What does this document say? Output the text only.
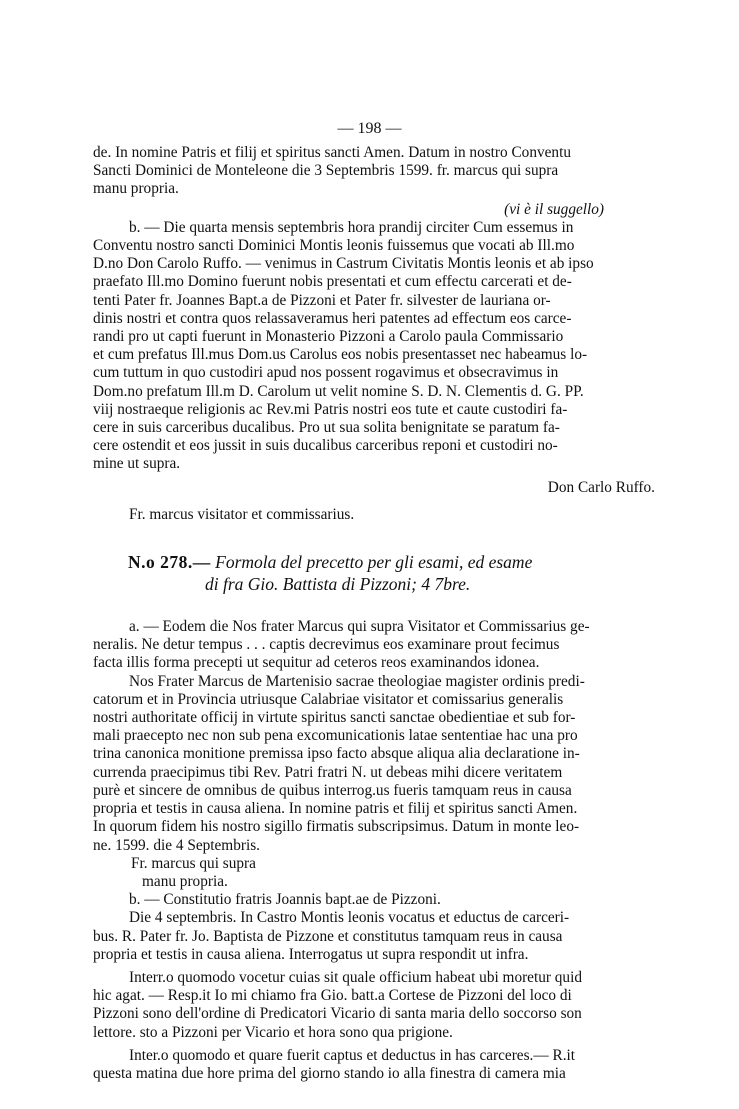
— 198 —

de. In nomine Patris et filij et spiritus sancti Amen. Datum in nostro Conventu
Sancti Dominici de Monteleone die 3 Septembris 1599. fr. marcus qui supra
manu propria.

(vi è il suggello)

b. — Die quarta mensis septembris hora prandij circiter Cum essemus in
Conventu nostro sancti Dominici Montis leonis fuissemus que vocati ab Ill.mo
D.no Don Carolo Ruffo. — venimus in Castrum Civitatis Montis leonis et ab ipso
praefato Ill.mo Domino fuerunt nobis presentati et cum effectu carcerati et de-
tenti Pater fr. Joannes Bapt.a de Pizzoni et Pater fr. silvester de lauriana or-
dinis nostri et contra quos relassaveramus heri patentes ad effectum eos carce-
randi pro ut capti fuerunt in Monasterio Pizzoni a Carolo paula Commissario
et cum prefatus Ill.mus Dom.us Carolus eos nobis presentasset nec habeamus lo-
cum tuttum in quo custodiri apud nos possent rogavimus et obsecravimus in
Dom.no prefatum Ill.m D. Carolum ut velit nomine S. D. N. Clementis d. G. PP.
viij nostraeque religionis ac Rev.mi Patris nostri eos tute et caute custodiri fa-
cere in suis carceribus ducalibus. Pro ut sua solita benignitate se paratum fa-
cere ostendit et eos jussit in suis ducalibus carceribus reponi et custodiri no-
mine ut supra.

Don Carlo Ruffo.

Fr. marcus visitator et commissarius.

N.o 278.— Formola del precetto per gli esami, ed esame
di fra Gio. Battista di Pizzoni; 4 7bre.

a. — Eodem die Nos frater Marcus qui supra Visitator et Commissarius ge-
neralis. Ne detur tempus . . . captis decrevimus eos examinare prout fecimus
facta illis forma precepti ut sequitur ad ceteros reos examinandos idonea.

Nos Frater Marcus de Martenisio sacrae theologiae magister ordinis predi-
catorum et in Provincia utriusque Calabriae visitator et comissarius generalis
nostri authoritate officij in virtute spiritus sancti sanctae obedientiae et sub for-
mali praecepto nec non sub pena excomunicationis latae sententiae hac una pro
trina canonica monitione premissa ipso facto absque aliqua alia declaratione in-
currenda praecipimus tibi Rev. Patri fratri N. ut debeas mihi dicere veritatem
purè et sincere de omnibus de quibus interrog.us fueris tamquam reus in causa
propria et testis in causa aliena. In nomine patris et filij et spiritus sancti Amen.
In quorum fidem his nostro sigillo firmatis subscripsimus. Datum in monte leo-
ne. 1599. die 4 Septembris.

Fr. marcus qui supra

manu propria.

b. — Constitutio fratris Joannis bapt.ae de Pizzoni.

Die 4 septembris. In Castro Montis leonis vocatus et eductus de carceri-
bus. R. Pater fr. Jo. Baptista de Pizzone et constitutus tamquam reus in causa
propria et testis in causa aliena. Interrogatus ut supra respondit ut infra.

Interr.o quomodo vocetur cuias sit quale officium habeat ubi moretur quid
hic agat. — Resp.it Io mi chiamo fra Gio. batt.a Cortese de Pizzoni del loco di
Pizzoni sono dell'ordine di Predicatori Vicario di santa maria dello soccorso son
lettore. sto a Pizzoni per Vicario et hora sono qua prigione.

Inter.o quomodo et quare fuerit captus et deductus in has carceres.— R.it
questa matina due hore prima del giorno stando io alla finestra di camera mia
